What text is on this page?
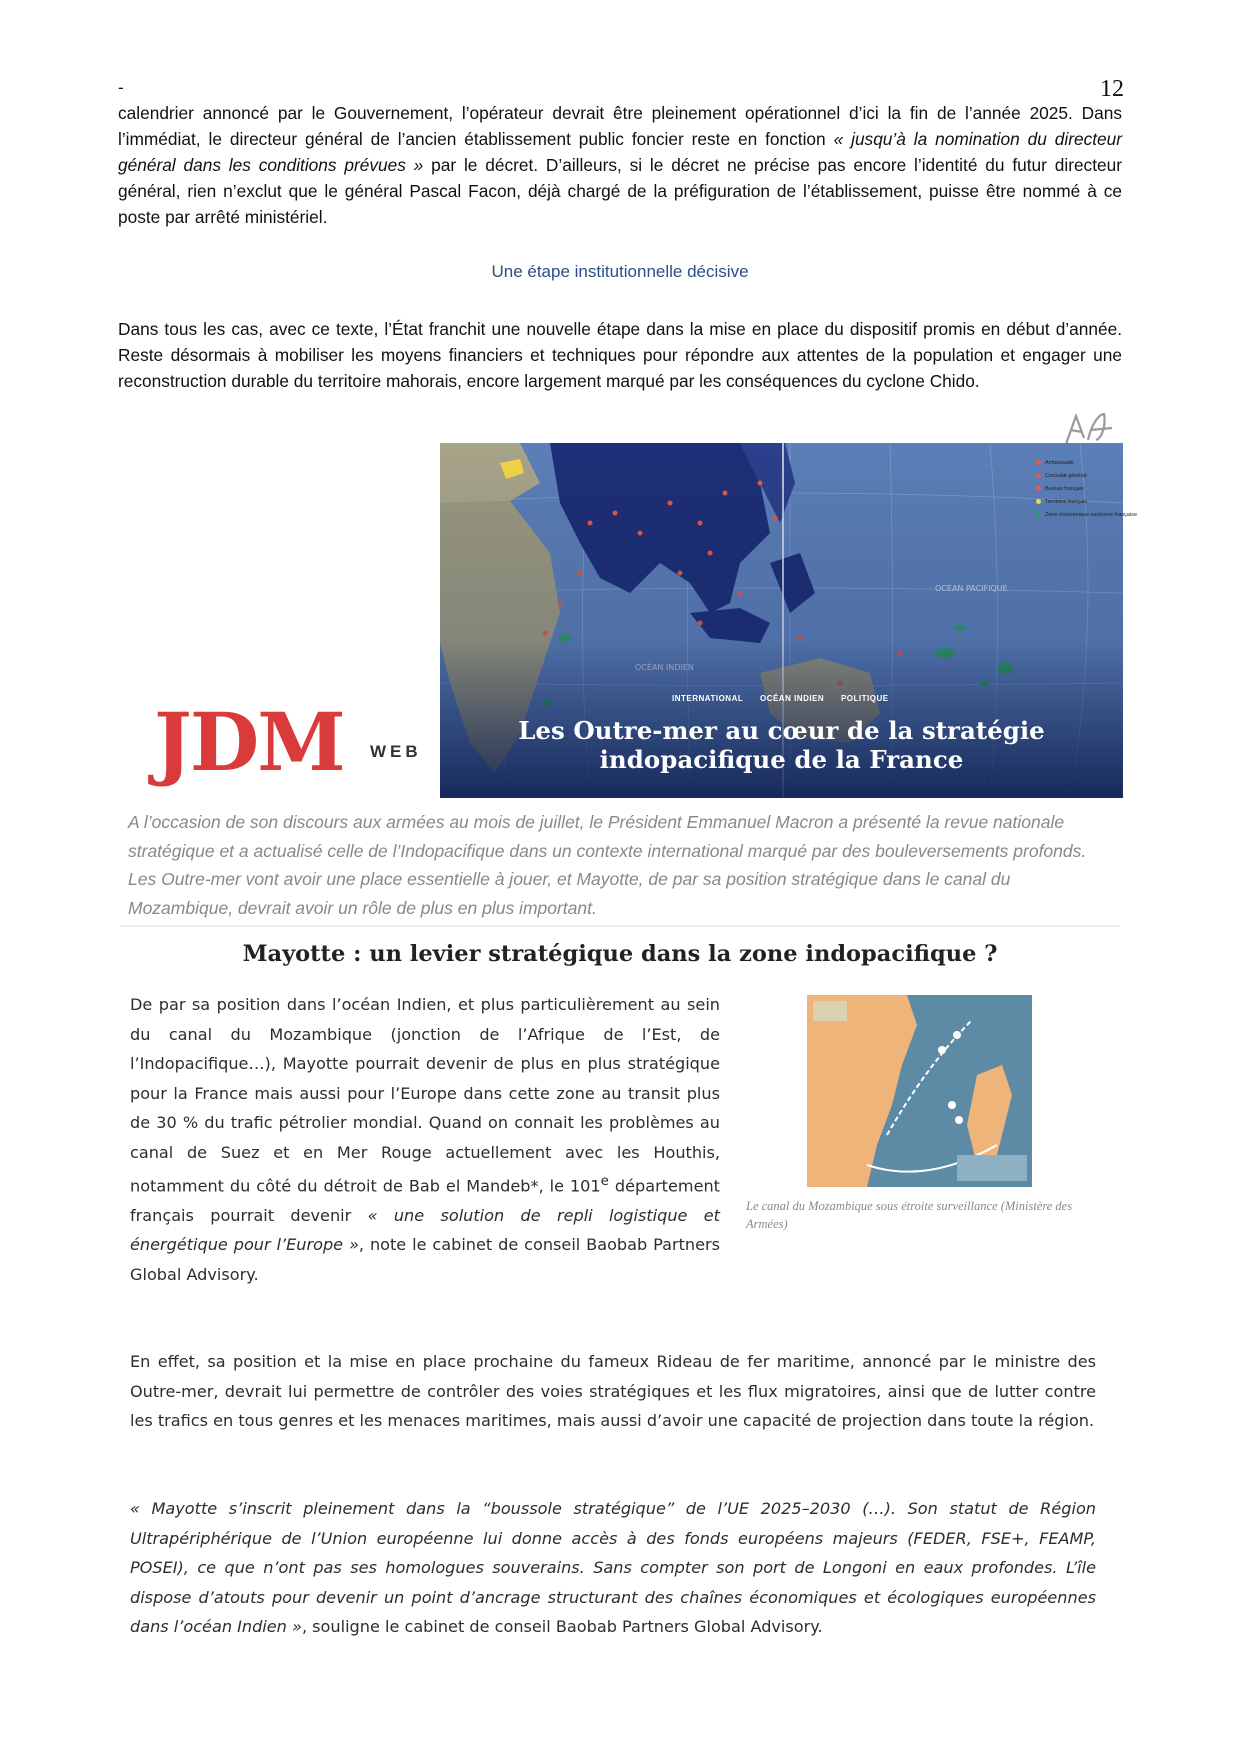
-	12

calendrier annoncé par le Gouvernement, l’opérateur devrait être pleinement opérationnel d’ici la fin de l’année 2025. Dans l’immédiat, le directeur général de l’ancien établissement public foncier reste en fonction « jusqu’à la nomination du directeur général dans les conditions prévues » par le décret. D’ailleurs, si le décret ne précise pas encore l’identité du futur directeur général, rien n’exclut que le général Pascal Facon, déjà chargé de la préfiguration de l’établissement, puisse être nommé à ce poste par arrêté ministériel.

Une étape institutionnelle décisive
Dans tous les cas, avec ce texte, l’État franchit une nouvelle étape dans la mise en place du dispositif promis en début d’année. Reste désormais à mobiliser les moyens financiers et techniques pour répondre aux attentes de la population et engager une reconstruction durable du territoire mahorais, encore largement marqué par les conséquences du cyclone Chido.
Ambassade
Consulat général
Bureau français
Territoire français
Zone économique exclusive française
INTERNATIONAL OCÉAN INDIEN POLITIQUE
Les Outre-mer au cœur de la stratégie
indopacifique de la France
JDM WEB
A l’occasion de son discours aux armées au mois de juillet, le Président Emmanuel Macron a présenté la revue nationale stratégique et a actualisé celle de l’Indopacifique dans un contexte international marqué par des bouleversements profonds. Les Outre-mer vont avoir une place essentielle à jouer, et Mayotte, de par sa position stratégique dans le canal du Mozambique, devrait avoir un rôle de plus en plus important.
Mayotte : un levier stratégique dans la zone indopacifique ?

De par sa position dans l’océan Indien, et plus particulièrement au sein du canal du Mozambique (jonction de l’Afrique de l’Est, de l’Indopacifique…), Mayotte pourrait devenir de plus en plus stratégique pour la France mais aussi pour l’Europe dans cette zone au transit plus de 30 % du trafic pétrolier mondial. Quand on connait les problèmes au canal de Suez et en Mer Rouge actuellement avec les Houthis, notamment du côté du détroit de Bab el Mandeb*, le 101e département français pourrait devenir « une solution de repli logistique et énergétique pour l’Europe », note le cabinet de conseil Baobab Partners Global Advisory.

Le canal du Mozambique sous étroite surveillance (Ministère des Armées)
En effet, sa position et la mise en place prochaine du fameux Rideau de fer maritime, annoncé par le ministre des Outre-mer, devrait lui permettre de contrôler des voies stratégiques et les flux migratoires, ainsi que de lutter contre les trafics en tous genres et les menaces maritimes, mais aussi d’avoir une capacité de projection dans toute la région.

« Mayotte s’inscrit pleinement dans la “boussole stratégique” de l’UE 2025–2030 (…). Son statut de Région Ultrapériphérique de l’Union européenne lui donne accès à des fonds européens majeurs (FEDER, FSE+, FEAMP, POSEI), ce que n’ont pas ses homologues souverains. Sans compter son port de Longoni en eaux profondes. L’île dispose d’atouts pour devenir un point d’ancrage structurant des chaînes économiques et écologiques européennes dans l’océan Indien », souligne le cabinet de conseil Baobab Partners Global Advisory.
